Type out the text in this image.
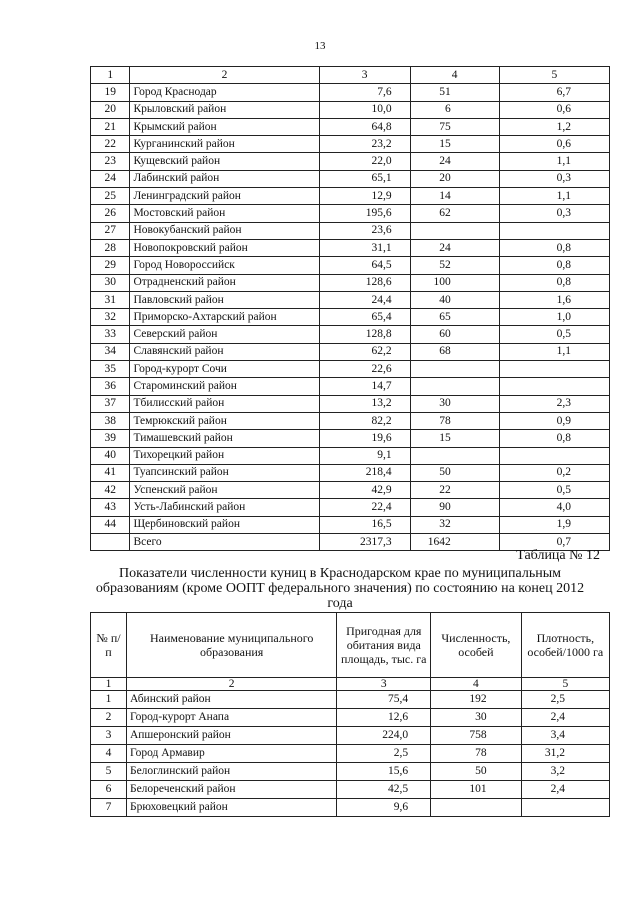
13
1	2	3	4	5
19	Город Краснодар	7,6	51	6,7
20	Крыловский район	10,0	6	0,6
21	Крымский район	64,8	75	1,2
22	Курганинский район	23,2	15	0,6
23	Кущевский район	22,0	24	1,1
24	Лабинский район	65,1	20	0,3
25	Ленинградский район	12,9	14	1,1
26	Мостовский район	195,6	62	0,3
27	Новокубанский район	23,6		
28	Новопокровский район	31,1	24	0,8
29	Город Новороссийск	64,5	52	0,8
30	Отрадненский район	128,6	100	0,8
31	Павловский район	24,4	40	1,6
32	Приморско-Ахтарский район	65,4	65	1,0
33	Северский район	128,8	60	0,5
34	Славянский район	62,2	68	1,1
35	Город-курорт Сочи	22,6		
36	Староминский район	14,7		
37	Тбилисский район	13,2	30	2,3
38	Темрюкский район	82,2	78	0,9
39	Тимашевский район	19,6	15	0,8
40	Тихорецкий район	9,1		
41	Туапсинский район	218,4	50	0,2
42	Успенский район	42,9	22	0,5
43	Усть-Лабинский район	22,4	90	4,0
44	Щербиновский район	16,5	32	1,9
	Всего	2317,3	1642	0,7
Таблица № 12
Показатели численности куниц в Краснодарском крае по муниципальным образованиям (кроме ООПТ федерального значения) по состоянию на конец 2012 года
№ п/п	Наименование муниципального образования	Пригодная для обитания вида площадь, тыс. га	Численность, особей	Плотность, особей/1000 га
1	2	3	4	5
1	Абинский район	75,4	192	2,5
2	Город-курорт Анапа	12,6	30	2,4
3	Апшеронский район	224,0	758	3,4
4	Город Армавир	2,5	78	31,2
5	Белоглинский район	15,6	50	3,2
6	Белореченский район	42,5	101	2,4
7	Брюховецкий район	9,6		
